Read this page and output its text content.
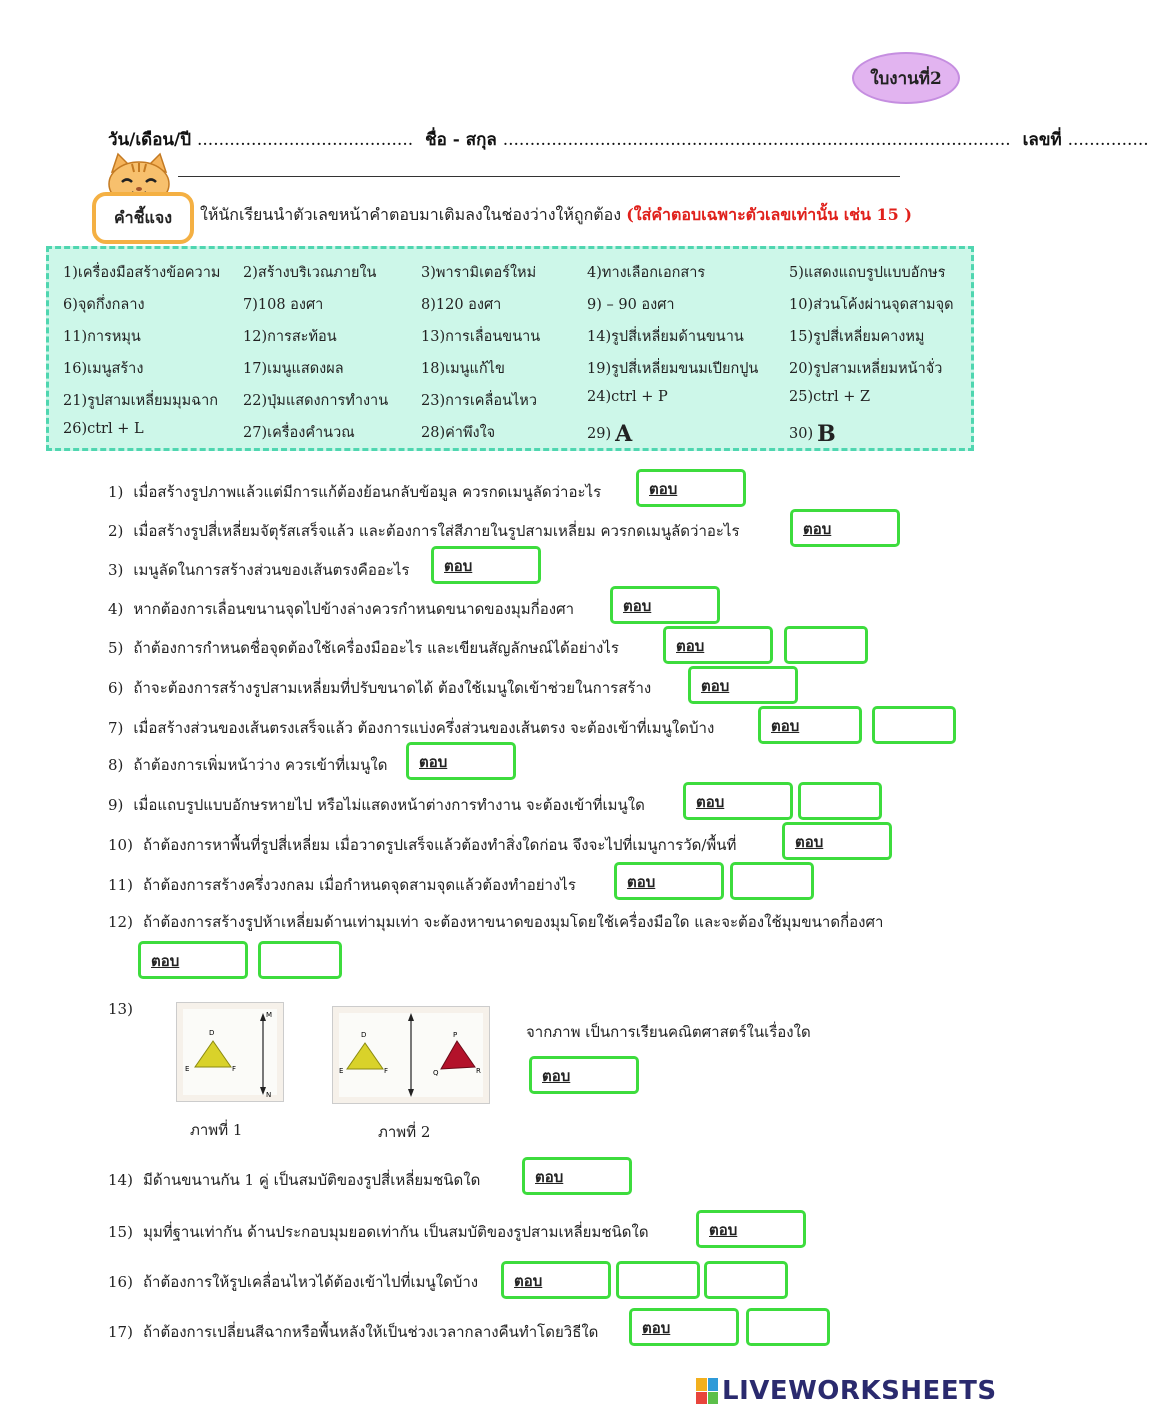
ใบงานที่2
วัน/เดือน/ปี ........................................ ชื่อ - สกุล .............................................................................................. เลขที่ ...............
คำชี้แจง	ให้นักเรียนนำตัวเลขหน้าคำตอบมาเติมลงในช่องว่างให้ถูกต้อง (ใส่คำตอบเฉพาะตัวเลขเท่านั้น เช่น 15 )
1)เครื่องมือสร้างข้อความ 2)สร้างบริเวณภายใน	3)พารามิเตอร์ใหม่	4)ทางเลือกเอกสาร	5)แสดงแถบรูปแบบอักษร
6)จุดกึ่งกลาง	7)108 องศา	8)120 องศา	9) – 90 องศา	10)ส่วนโค้งผ่านจุดสามจุด
11)การหมุน	12)การสะท้อน	13)การเลื่อนขนาน	14)รูปสี่เหลี่ยมด้านขนาน	15)รูปสี่เหลี่ยมคางหมู
16)เมนูสร้าง	17)เมนูแสดงผล	18)เมนูแก้ไข	19)รูปสี่เหลี่ยมขนมเปียกปูน 20)รูปสามเหลี่ยมหน้าจั่ว
21)รูปสามเหลี่ยมมุมฉาก 22)ปุ่มแสดงการทำงาน 23)การเคลื่อนไหว	24)ctrl + P	25)ctrl + Z
26)ctrl + L	27)เครื่องคำนวณ	28)ค่าพึงใจ	29) A	30) B
1) เมื่อสร้างรูปภาพแล้วแต่มีการแก้ต้องย้อนกลับข้อมูล ควรกดเมนูลัดว่าอะไร	ตอบ
2) เมื่อสร้างรูปสี่เหลี่ยมจัตุรัสเสร็จแล้ว และต้องการใส่สีภายในรูปสามเหลี่ยม ควรกดเมนูลัดว่าอะไร	ตอบ
3) เมนูลัดในการสร้างส่วนของเส้นตรงคืออะไร ตอบ
4) หากต้องการเลื่อนขนานจุดไปข้างล่างควรกำหนดขนาดของมุมกี่องศา	ตอบ
5) ถ้าต้องการกำหนดชื่อจุดต้องใช้เครื่องมืออะไร และเขียนสัญลักษณ์ได้อย่างไร	ตอบ
6) ถ้าจะต้องการสร้างรูปสามเหลี่ยมที่ปรับขนาดได้ ต้องใช้เมนูใดเข้าช่วยในการสร้าง	ตอบ
7) เมื่อสร้างส่วนของเส้นตรงเสร็จแล้ว ต้องการแบ่งครึ่งส่วนของเส้นตรง จะต้องเข้าที่เมนูใดบ้าง	ตอบ
8) ถ้าต้องการเพิ่มหน้าว่าง ควรเข้าที่เมนูใด ตอบ
9) เมื่อแถบรูปแบบอักษรหายไป หรือไม่แสดงหน้าต่างการทำงาน จะต้องเข้าที่เมนูใด	ตอบ
10) ถ้าต้องการหาพื้นที่รูปสี่เหลี่ยม เมื่อวาดรูปเสร็จแล้วต้องทำสิ่งใดก่อน จึงจะไปที่เมนูการวัด/พื้นที่	ตอบ
11) ถ้าต้องการสร้างครึ่งวงกลม เมื่อกำหนดจุดสามจุดแล้วต้องทำอย่างไร	ตอบ
12) ถ้าต้องการสร้างรูปห้าเหลี่ยมด้านเท่ามุมเท่า จะต้องหาขนาดของมุมโดยใช้เครื่องมือใด และจะต้องใช้มุมขนาดกี่องศา
ตอบ
จากภาพ เป็นการเรียนคณิตศาสตร์ในเรื่องใด
13)
ตอบ
14) มีด้านขนานกัน 1 คู่ เป็นสมบัติของรูปสี่เหลี่ยมชนิดใด	ตอบ
15) มุมที่ฐานเท่ากัน ด้านประกอบมุมยอดเท่ากัน เป็นสมบัติของรูปสามเหลี่ยมชนิดใด	ตอบ
16) ถ้าต้องการให้รูปเคลื่อนไหวได้ต้องเข้าไปที่เมนูใดบ้าง ตอบ
17) ถ้าต้องการเปลี่ยนสีฉากหรือพื้นหลังให้เป็นช่วงเวลากลางคืนทำโดยวิธีใด	ตอบ
D
E	F
M
N
ภาพที่ 1
D
E	F
P
Q	R
ภาพที่ 2
LIVEWORKSHEETS
